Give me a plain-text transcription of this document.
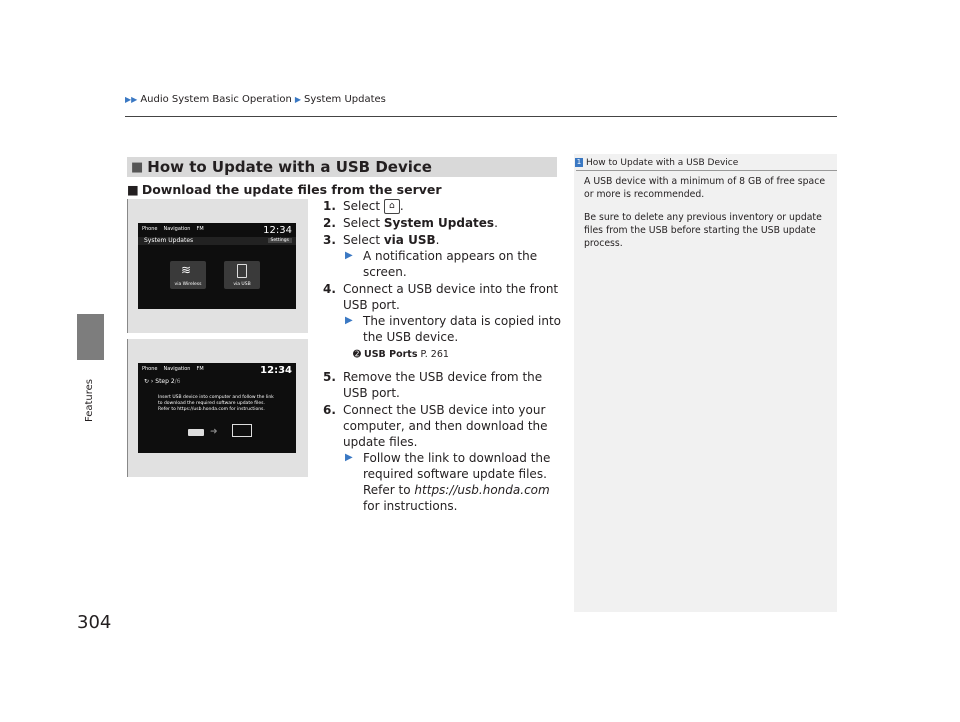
▶▶ Audio System Basic Operation ▶ System Updates
Features
304
■ How to Update with a USB Device
■ Download the update files from the server
Phone Navigation FM	12:34
System Updates	Settings
≋
via Wireless	via USB
Phone Navigation FM	12:34
↻ › Step 2/6
Insert USB device into computer and follow the link to download the required software update files. Refer to https://usb.honda.com for instructions.
➜
1. Select ⌂ .
2. Select System Updates.
3. Select via USB.
▶ A notification appears on the screen.
4. Connect a USB device into the front USB port.
▶ The inventory data is copied into the USB device.
➋ USB Ports P. 261
5. Remove the USB device from the USB port.
6. Connect the USB device into your computer, and then download the update files.
▶ Follow the link to download the required software update files. Refer to https://usb.honda.com for instructions.
1 How to Update with a USB Device

A USB device with a minimum of 8 GB of free space or more is recommended.

Be sure to delete any previous inventory or update files from the USB before starting the USB update process.
